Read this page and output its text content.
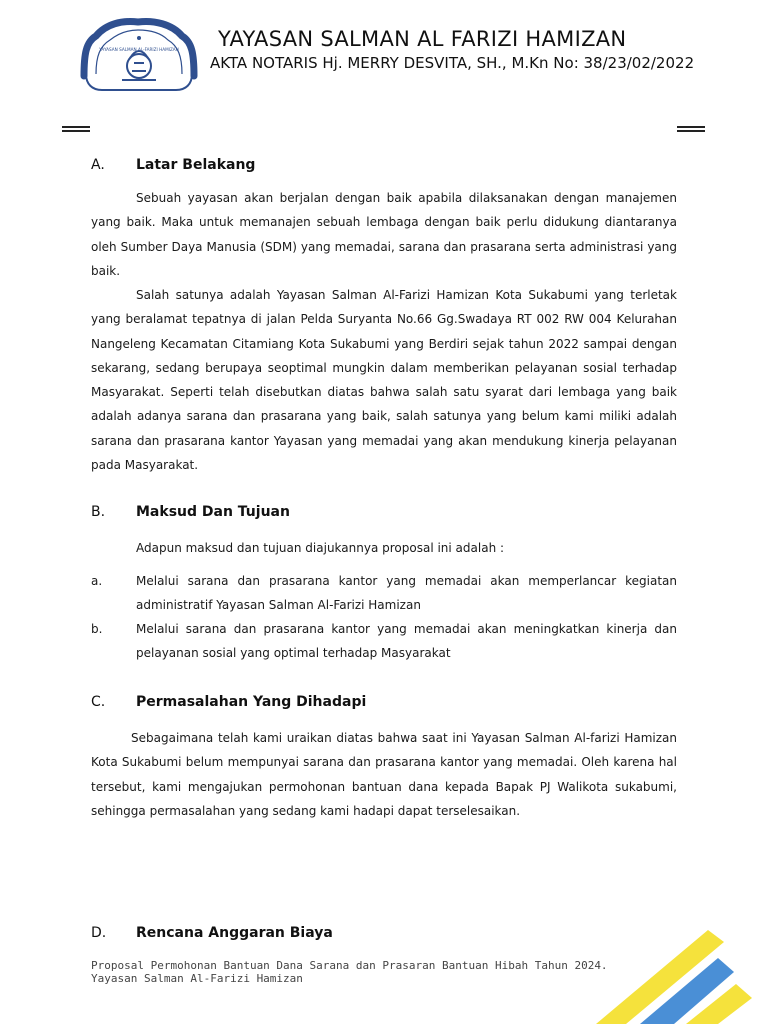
YAYASAN SALMAN AL-FARIZI HAMIZAN YAYASAN SALMAN AL FARIZI HAMIZAN

AKTA NOTARIS Hj. MERRY DESVITA, SH., M.Kn No: 38/23/02/2022

A. Latar Belakang

Sebuah yayasan akan berjalan dengan baik apabila dilaksanakan dengan manajemen yang baik. Maka untuk memanajen sebuah lembaga dengan baik perlu didukung diantaranya oleh Sumber Daya Manusia (SDM) yang memadai, sarana dan prasarana serta administrasi yang baik.

Salah satunya adalah Yayasan Salman Al-Farizi Hamizan Kota Sukabumi yang terletak yang beralamat tepatnya di jalan Pelda Suryanta No.66 Gg.Swadaya RT 002 RW 004 Kelurahan Nangeleng Kecamatan Citamiang Kota Sukabumi yang Berdiri sejak tahun 2022 sampai dengan sekarang, sedang berupaya seoptimal mungkin dalam memberikan pelayanan sosial terhadap Masyarakat. Seperti telah disebutkan diatas bahwa salah satu syarat dari lembaga yang baik adalah adanya sarana dan prasarana yang baik, salah satunya yang belum kami miliki adalah sarana dan prasarana kantor Yayasan yang memadai yang akan mendukung kinerja pelayanan pada Masyarakat.

B. Maksud Dan Tujuan

Adapun maksud dan tujuan diajukannya proposal ini adalah :

a.	Melalui sarana dan prasarana kantor yang memadai akan memperlancar kegiatan administratif Yayasan Salman Al-Farizi Hamizan
b.	Melalui sarana dan prasarana kantor yang memadai akan meningkatkan kinerja dan pelayanan sosial yang optimal terhadap Masyarakat
C. Permasalahan Yang Dihadapi

Sebagaimana telah kami uraikan diatas bahwa saat ini Yayasan Salman Al-farizi Hamizan Kota Sukabumi belum mempunyai sarana dan prasarana kantor yang memadai. Oleh karena hal tersebut, kami mengajukan permohonan bantuan dana kepada Bapak PJ Walikota sukabumi, sehingga permasalahan yang sedang kami hadapi dapat terselesaikan.

D. Rencana Anggaran Biaya
Proposal Permohonan Bantuan Dana Sarana dan Prasaran Bantuan Hibah Tahun 2024.
Yayasan Salman Al-Farizi Hamizan
